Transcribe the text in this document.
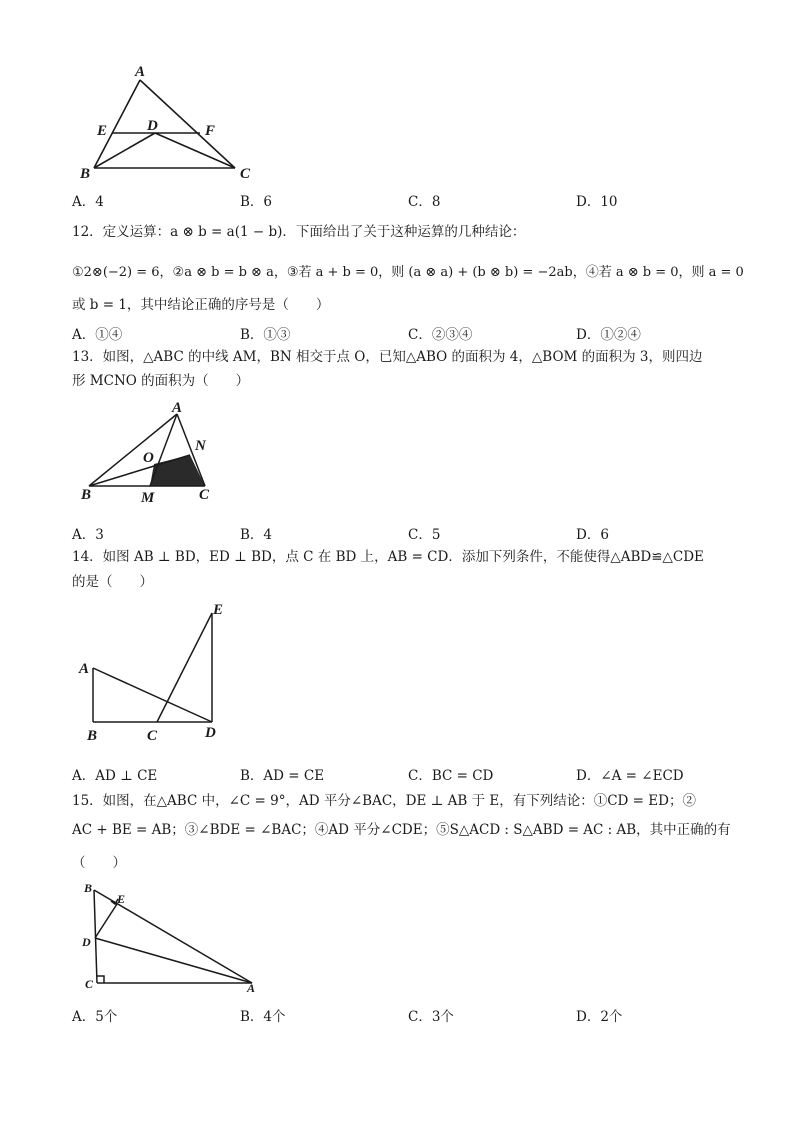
A
E	D	F
B	C
A．4	B．6	C．8	D．10
12．定义运算：a ⊗ b = a(1 − b)．下面给出了关于这种运算的几种结论：
①2⊗(−2) = 6，②a ⊗ b = b ⊗ a，③若 a + b = 0，则 (a ⊗ a) + (b ⊗ b) = −2ab，④若 a ⊗ b = 0，则 a = 0
或 b = 1，其中结论正确的序号是（　　）
A．①④	B．①③	C．②③④	D．①②④
13．如图，△ABC 的中线 AM，BN 相交于点 O，已知△ABO 的面积为 4，△BOM 的面积为 3，则四边
形 MCNO 的面积为（　　）
A
N
O
B	M	C
A．3	B．4	C．5	D．6
14．如图 AB ⊥ BD，ED ⊥ BD，点 C 在 BD 上，AB = CD．添加下列条件，不能使得△ABD≌△CDE
的是（　　）
E
A
B	C	D
A．AD ⊥ CE	B．AD = CE	C．BC = CD	D．∠A = ∠ECD
15．如图，在△ABC 中，∠C = 9°，AD 平分∠BAC，DE ⊥ AB 于 E，有下列结论：①CD = ED；②
AC + BE = AB；③∠BDE = ∠BAC；④AD 平分∠CDE；⑤S△ACD : S△ABD = AC : AB，其中正确的有
（　　）
B
E
D
C	A
A．5个	B．4个	C．3个	D．2个
